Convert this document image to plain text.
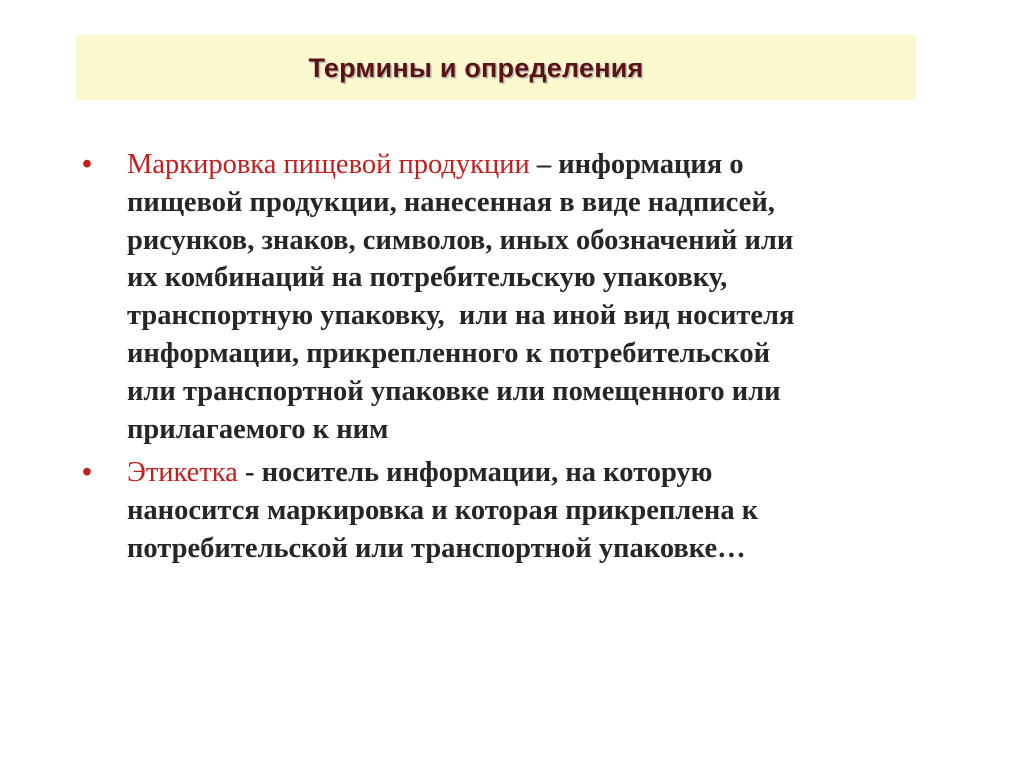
Термины и определения
• Маркировка пищевой продукции – информация о
пищевой продукции, нанесенная в виде надписей,
рисунков, знаков, символов, иных обозначений или
их комбинаций на потребительскую упаковку,
транспортную упаковку,  или на иной вид носителя
информации, прикрепленного к потребительской
или транспортной упаковке или помещенного или
прилагаемого к ним
• Этикетка - носитель информации, на которую
наносится маркировка и которая прикреплена к
потребительской или транспортной упаковке…
